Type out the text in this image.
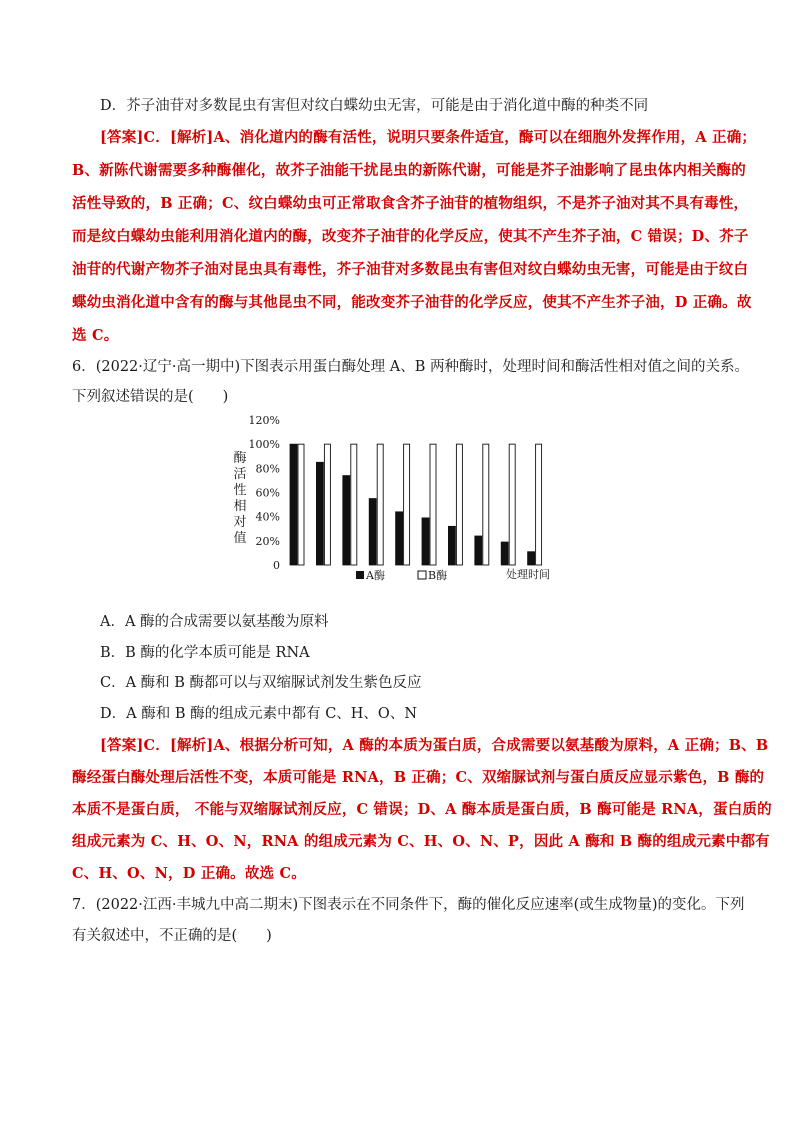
D．芥子油苷对多数昆虫有害但对纹白蝶幼虫无害，可能是由于消化道中酶的种类不同
[答案]C．[解析]A、消化道内的酶有活性，说明只要条件适宜，酶可以在细胞外发挥作用，A 正确；
B、新陈代谢需要多种酶催化，故芥子油能干扰昆虫的新陈代谢，可能是芥子油影响了昆虫体内相关酶的
活性导致的，B 正确；C、纹白蝶幼虫可正常取食含芥子油苷的植物组织，不是芥子油对其不具有毒性，
而是纹白蝶幼虫能利用消化道内的酶，改变芥子油苷的化学反应，使其不产生芥子油，C 错误；D、芥子
油苷的代谢产物芥子油对昆虫具有毒性，芥子油苷对多数昆虫有害但对纹白蝶幼虫无害，可能是由于纹白
蝶幼虫消化道中含有的酶与其他昆虫不同，能改变芥子油苷的化学反应，使其不产生芥子油，D 正确。故
选 C。
6．(2022·辽宁·高一期中)下图表示用蛋白酶处理 A、B 两种酶时，处理时间和酶活性相对值之间的关系。
下列叙述错误的是(　　)
酶
活
性
相
对
值
0
20%
40%
60%
80%
100%
120%
A酶	B酶	处理时间
A．A 酶的合成需要以氨基酸为原料
B．B 酶的化学本质可能是 RNA
C．A 酶和 B 酶都可以与双缩脲试剂发生紫色反应
D．A 酶和 B 酶的组成元素中都有 C、H、O、N
[答案]C．[解析]A、根据分析可知，A 酶的本质为蛋白质，合成需要以氨基酸为原料，A 正确；B、B
酶经蛋白酶处理后活性不变，本质可能是 RNA，B 正确；C、双缩脲试剂与蛋白质反应显示紫色，B 酶的
本质不是蛋白质， 不能与双缩脲试剂反应，C 错误；D、A 酶本质是蛋白质，B 酶可能是 RNA，蛋白质的
组成元素为 C、H、O、N，RNA 的组成元素为 C、H、O、N、P，因此 A 酶和 B 酶的组成元素中都有
C、H、O、N，D 正确。故选 C。
7．(2022·江西·丰城九中高二期末)下图表示在不同条件下，酶的催化反应速率(或生成物量)的变化。下列
有关叙述中，不正确的是(　　)
